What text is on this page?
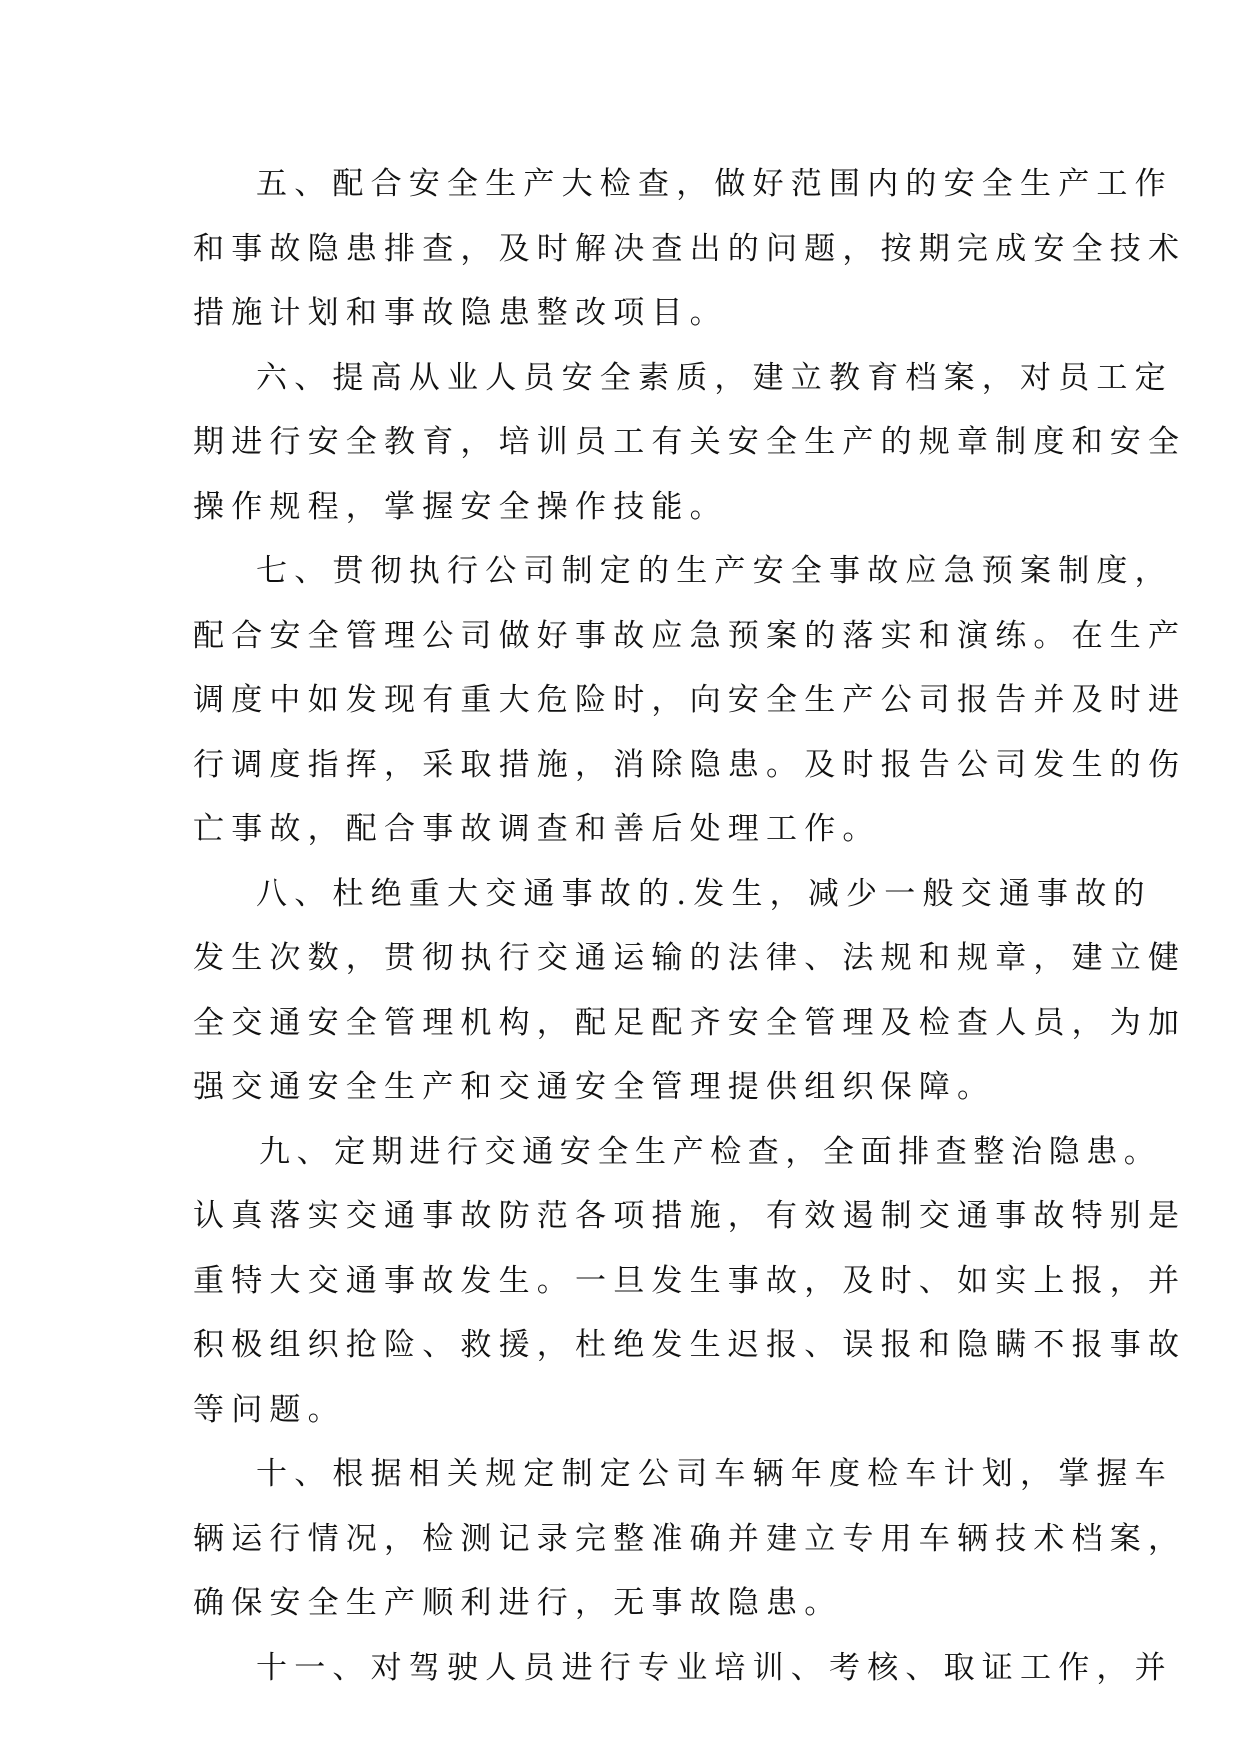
五、配合安全生产大检查，做好范围内的安全生产工作
和事故隐患排查，及时解决查出的问题，按期完成安全技术
措施计划和事故隐患整改项目。
六、提高从业人员安全素质，建立教育档案，对员工定
期进行安全教育，培训员工有关安全生产的规章制度和安全
操作规程，掌握安全操作技能。
七、贯彻执行公司制定的生产安全事故应急预案制度，
配合安全管理公司做好事故应急预案的落实和演练。在生产
调度中如发现有重大危险时，向安全生产公司报告并及时进
行调度指挥，采取措施，消除隐患。及时报告公司发生的伤
亡事故，配合事故调查和善后处理工作。
八、杜绝重大交通事故的.发生，减少一般交通事故的
发生次数，贯彻执行交通运输的法律、法规和规章，建立健
全交通安全管理机构，配足配齐安全管理及检查人员，为加
强交通安全生产和交通安全管理提供组织保障。
九、定期进行交通安全生产检查，全面排查整治隐患。
认真落实交通事故防范各项措施，有效遏制交通事故特别是
重特大交通事故发生。一旦发生事故，及时、如实上报，并
积极组织抢险、救援，杜绝发生迟报、误报和隐瞒不报事故
等问题。
十、根据相关规定制定公司车辆年度检车计划，掌握车
辆运行情况，检测记录完整准确并建立专用车辆技术档案，
确保安全生产顺利进行，无事故隐患。
十一、对驾驶人员进行专业培训、考核、取证工作，并
